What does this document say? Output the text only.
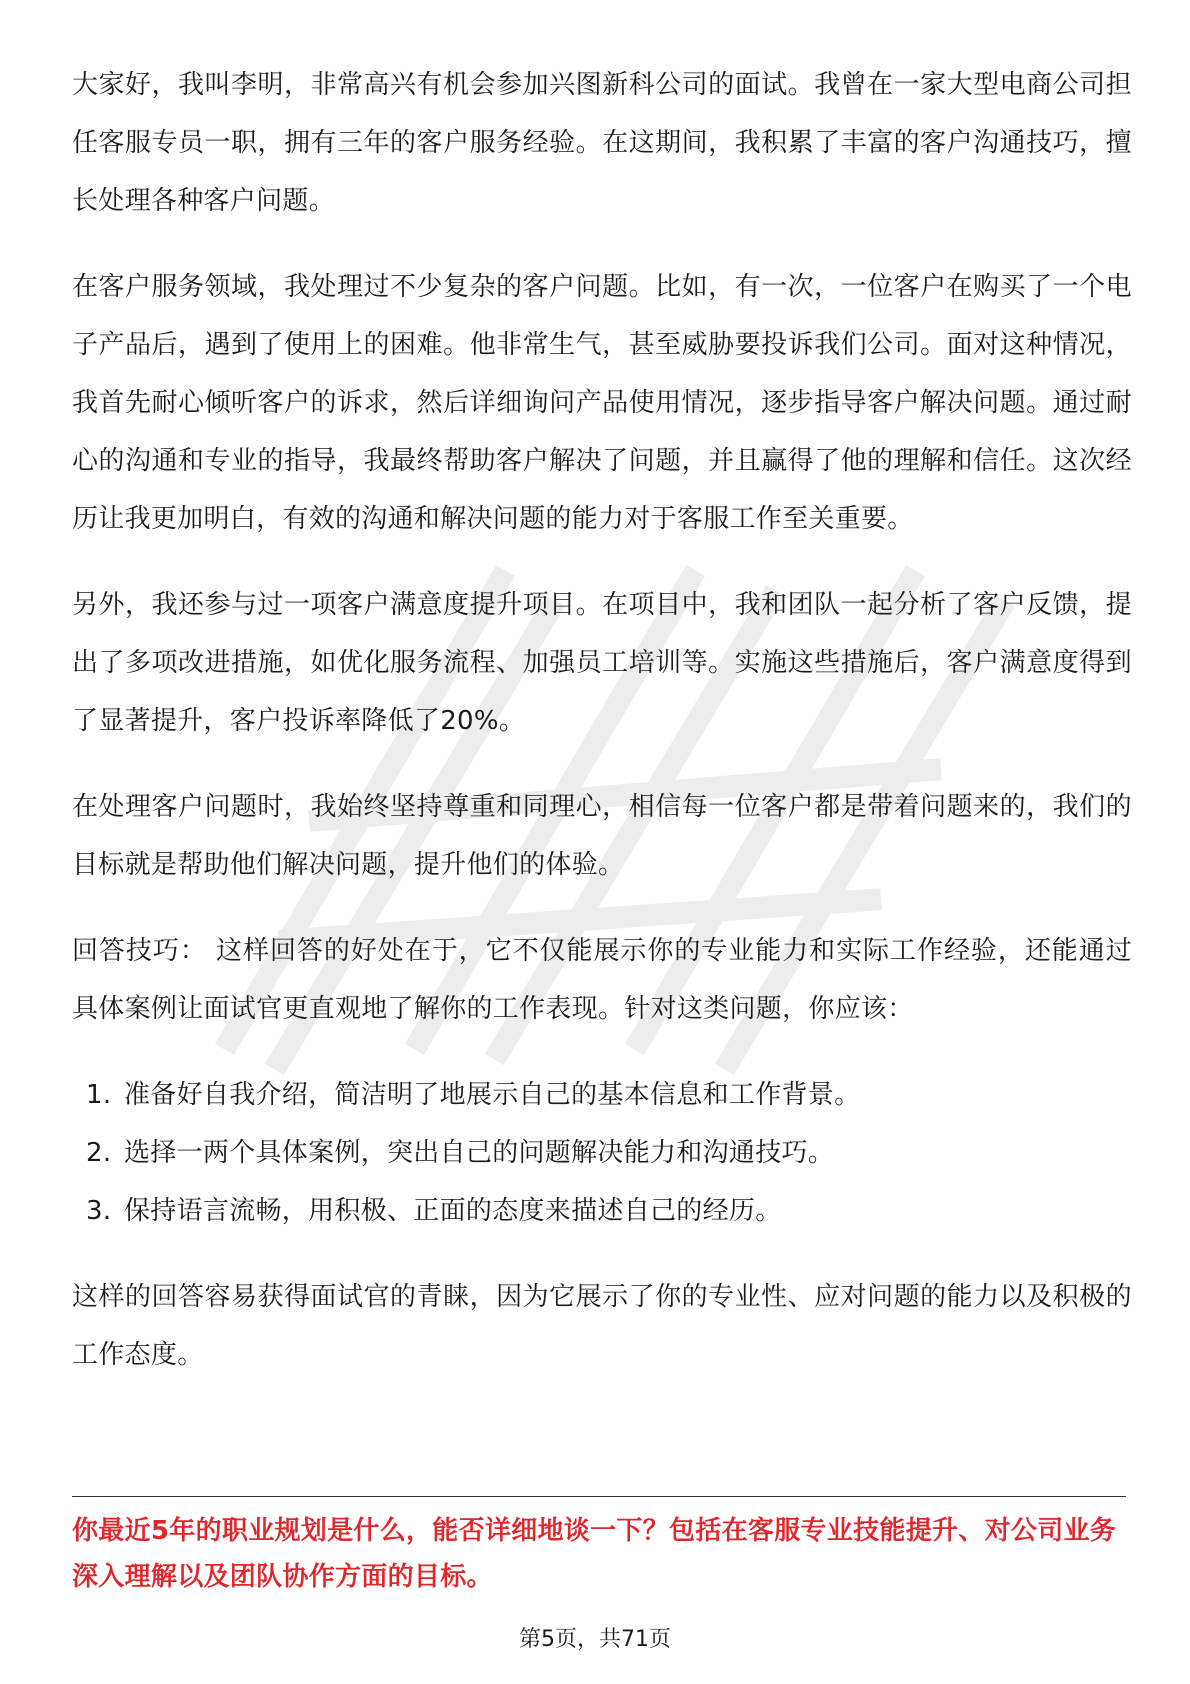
大家好，我叫李明，非常高兴有机会参加兴图新科公司的面试。我曾在一家大型电商公司担任客服专员一职，拥有三年的客户服务经验。在这期间，我积累了丰富的客户沟通技巧，擅长处理各种客户问题。

在客户服务领域，我处理过不少复杂的客户问题。比如，有一次，一位客户在购买了一个电子产品后，遇到了使用上的困难。他非常生气，甚至威胁要投诉我们公司。面对这种情况，我首先耐心倾听客户的诉求，然后详细询问产品使用情况，逐步指导客户解决问题。通过耐心的沟通和专业的指导，我最终帮助客户解决了问题，并且赢得了他的理解和信任。这次经历让我更加明白，有效的沟通和解决问题的能力对于客服工作至关重要。

另外，我还参与过一项客户满意度提升项目。在项目中，我和团队一起分析了客户反馈，提出了多项改进措施，如优化服务流程、加强员工培训等。实施这些措施后，客户满意度得到了显著提升，客户投诉率降低了20%。

在处理客户问题时，我始终坚持尊重和同理心，相信每一位客户都是带着问题来的，我们的目标就是帮助他们解决问题，提升他们的体验。

回答技巧： 这样回答的好处在于，它不仅能展示你的专业能力和实际工作经验，还能通过具体案例让面试官更直观地了解你的工作表现。针对这类问题，你应该：

1. 准备好自我介绍，简洁明了地展示自己的基本信息和工作背景。
2. 选择一两个具体案例，突出自己的问题解决能力和沟通技巧。
3. 保持语言流畅，用积极、正面的态度来描述自己的经历。

这样的回答容易获得面试官的青睐，因为它展示了你的专业性、应对问题的能力以及积极的工作态度。

你最近5年的职业规划是什么，能否详细地谈一下？包括在客服专业技能提升、对公司业务深入理解以及团队协作方面的目标。
第5页，共71页
